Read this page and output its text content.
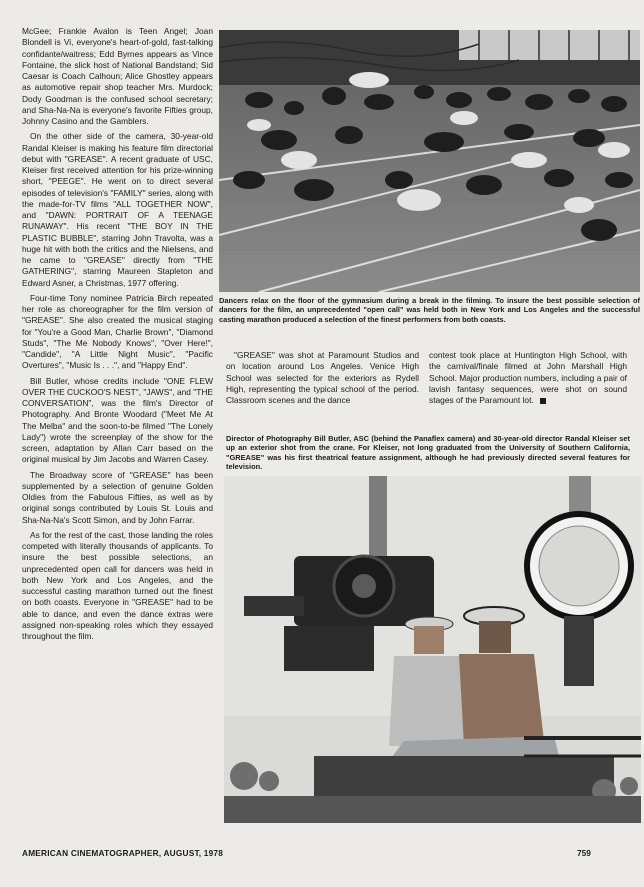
McGee; Frankie Avalon is Teen Angel; Joan Blondell is Vi, everyone's heart-of-gold, fast-talking confidante/waitress; Edd Byrnes appears as Vince Fontaine, the slick host of National Bandstand; Sid Caesar is Coach Calhoun; Alice Ghostley appears as automotive repair shop teacher Mrs. Murdock; Dody Goodman is the confused school secretary; and Sha-Na-Na is everyone's favorite Fifties group, Johnny Casino and the Gamblers.

On the other side of the camera, 30-year-old Randal Kleiser is making his feature film directorial debut with "GREASE". A recent graduate of USC, Kleiser first received attention for his prize-winning short, "PEEGE". He went on to direct several episodes of television's "FAMILY" series, along with the made-for-TV films "ALL TOGETHER NOW", and "DAWN: PORTRAIT OF A TEENAGE RUNAWAY". His recent "THE BOY IN THE PLASTIC BUBBLE", starring John Travolta, was a huge hit with both the critics and the Nielsens, and he came to "GREASE" directly from "THE GATHERING", starring Maureen Stapleton and Edward Asner, a Christmas, 1977 offering.

Four-time Tony nominee Patricia Birch repeated her role as choreographer for the film version of "GREASE". She also created the musical staging for "You're a Good Man, Charlie Brown", "Diamond Studs", "The Me Nobody Knows", "Over Here!", "Candide", "A Little Night Music", "Pacific Overtures", "Music Is . . .", and "Happy End".

Bill Butler, whose credits include "ONE FLEW OVER THE CUCKOO'S NEST", "JAWS", and "THE CONVERSATION", was the film's Director of Photography. And Bronte Woodard ("Meet Me At The Melba" and the soon-to-be filmed "The Lonely Lady") wrote the screenplay of the show for the screen, adaptation by Allan Carr based on the original musical by Jim Jacobs and Warren Casey.

The Broadway score of "GREASE" has been supplemented by a selection of genuine Golden Oldies from the Fabulous Fifties, as well as by original songs contributed by Louis St. Louis and Sha-Na-Na's Scott Simon, and by John Farrar.

As for the rest of the cast, those landing the roles competed with literally thousands of applicants. To insure the best possible selections, an unprecedented open call for dancers was held in both New York and Los Angeles, and the successful casting marathon turned out the finest on both coasts. Everyone in "GREASE" had to be able to dance, and even the dance extras were assigned non-speaking roles which they essayed throughout the film.

Dancers relax on the floor of the gymnasium during a break in the filming. To insure the best possible selection of dancers for the film, an unprecedented "open call" was held both in New York and Los Angeles and the successful casting marathon produced a selection of the finest performers from both coasts.

"GREASE" was shot at Paramount Studios and on location around Los Angeles. Venice High School was selected for the exteriors as Rydell High, representing the typical school of the period. Classroom scenes and the dance

contest took place at Huntington High School, with the carnival/finale filmed at John Marshall High School. Major production numbers, including a pair of lavish fantasy sequences, were shot on sound stages of the Paramount lot.

Director of Photography Bill Butler, ASC (behind the Panaflex camera) and 30-year-old director Randal Kleiser set up an exterior shot from the crane. For Kleiser, not long graduated from the University of Southern California, "GREASE" was his first theatrical feature assignment, although he had previously directed several features for television.
AMERICAN CINEMATOGRAPHER, AUGUST, 1978	759
